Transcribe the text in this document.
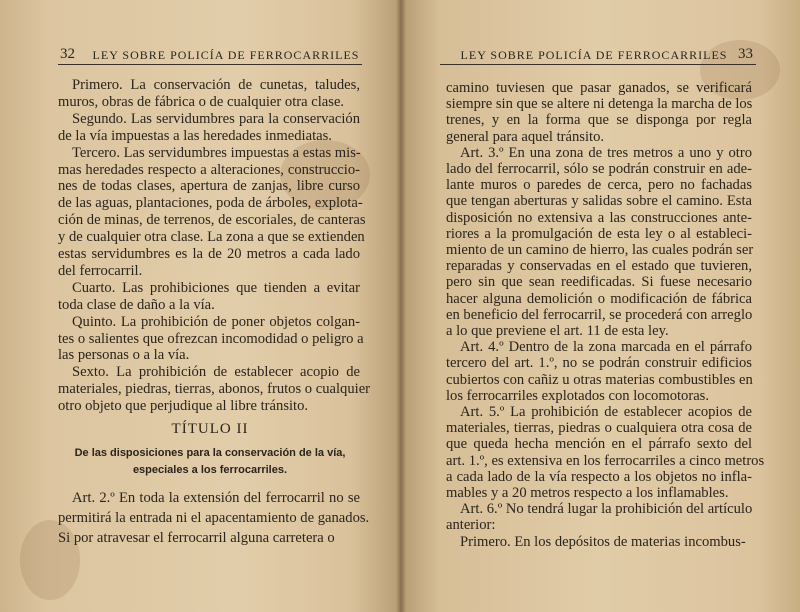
32 LEY SOBRE POLICÍA DE FERROCARRILES
Primero. La conservación de cunetas, taludes,
muros, obras de fábrica o de cualquier otra clase.
Segundo. Las servidumbres para la conservación
de la vía impuestas a las heredades inmediatas.
Tercero. Las servidumbres impuestas a estas mis-
mas heredades respecto a alteraciones, construccio-
nes de todas clases, apertura de zanjas, libre curso
de las aguas, plantaciones, poda de árboles, explota-
ción de minas, de terrenos, de escoriales, de canteras
y de cualquier otra clase. La zona a que se extienden
estas servidumbres es la de 20 metros a cada lado
del ferrocarril.
Cuarto. Las prohibiciones que tienden a evitar
toda clase de daño a la vía.
Quinto. La prohibición de poner objetos colgan-
tes o salientes que ofrezcan incomodidad o peligro a
las personas o a la vía.
Sexto. La prohibición de establecer acopio de
materiales, piedras, tierras, abonos, frutos o cualquier
otro objeto que perjudique al libre tránsito.
TÍTULO II
De las disposiciones para la conservación de la vía,
especiales a los ferrocarriles.
Art. 2.º En toda la extensión del ferrocarril no se
permitirá la entrada ni el apacentamiento de ganados.
Si por atravesar el ferrocarril alguna carretera o
LEY SOBRE POLICÍA DE FERROCARRILES 33
camino tuviesen que pasar ganados, se verificará
siempre sin que se altere ni detenga la marcha de los
trenes, y en la forma que se disponga por regla
general para aquel tránsito.
Art. 3.º En una zona de tres metros a uno y otro
lado del ferrocarril, sólo se podrán construir en ade-
lante muros o paredes de cerca, pero no fachadas
que tengan aberturas y salidas sobre el camino. Esta
disposición no extensiva a las construcciones ante-
riores a la promulgación de esta ley o al estableci-
miento de un camino de hierro, las cuales podrán ser
reparadas y conservadas en el estado que tuvieren,
pero sin que sean reedificadas. Si fuese necesario
hacer alguna demolición o modificación de fábrica
en beneficio del ferrocarril, se procederá con arreglo
a lo que previene el art. 11 de esta ley.
Art. 4.º Dentro de la zona marcada en el párrafo
tercero del art. 1.º, no se podrán construir edificios
cubiertos con cañiz u otras materias combustibles en
los ferrocarriles explotados con locomotoras.
Art. 5.º La prohibición de establecer acopios de
materiales, tierras, piedras o cualquiera otra cosa de
que queda hecha mención en el párrafo sexto del
art. 1.º, es extensiva en los ferrocarriles a cinco metros
a cada lado de la vía respecto a los objetos no infla-
mables y a 20 metros respecto a los inflamables.
Art. 6.º No tendrá lugar la prohibición del artículo
anterior:
Primero. En los depósitos de materias incombus-
